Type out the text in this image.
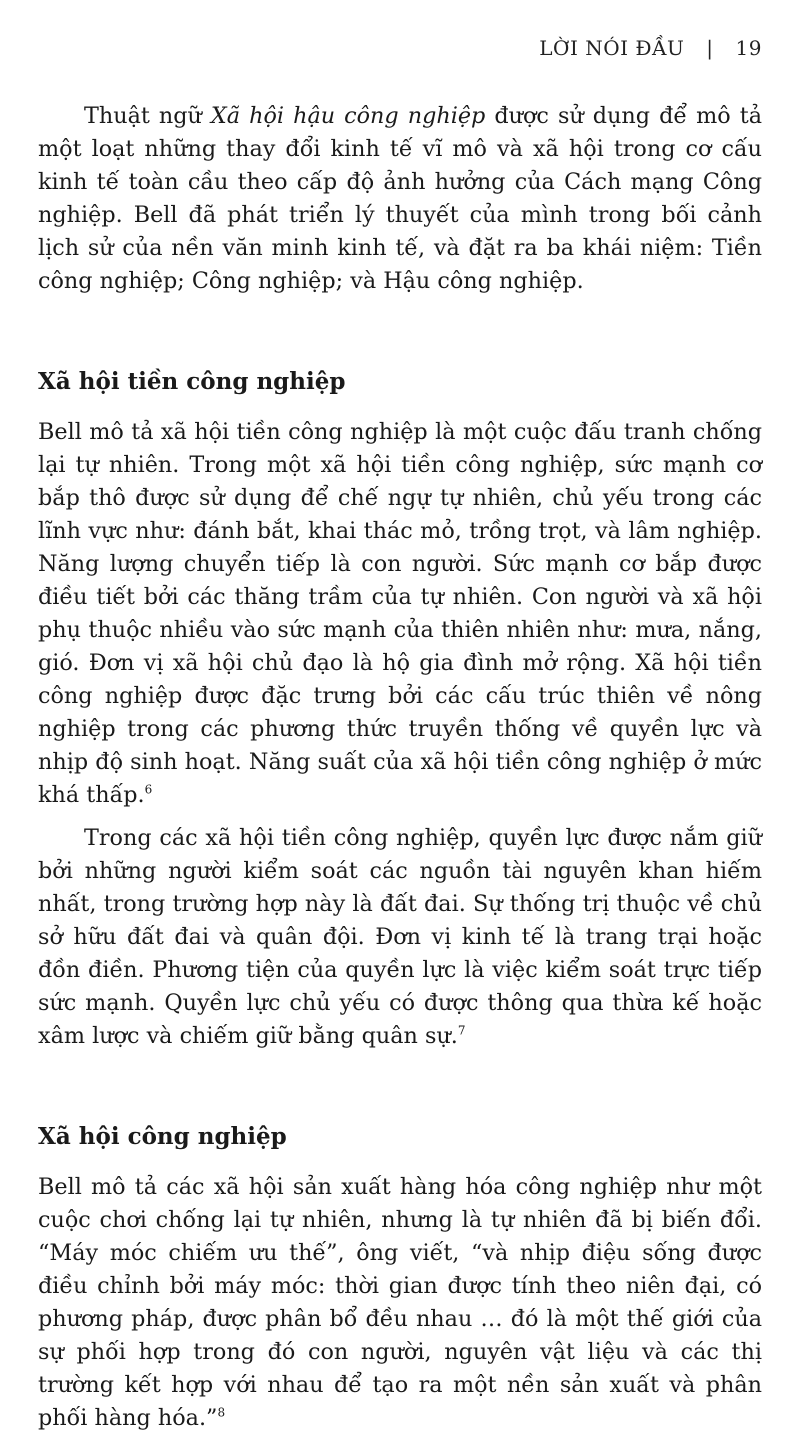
LỜI NÓI ĐẦU | 19

Thuật ngữ Xã hội hậu công nghiệp được sử dụng để mô tả một loạt những thay đổi kinh tế vĩ mô và xã hội trong cơ cấu kinh tế toàn cầu theo cấp độ ảnh hưởng của Cách mạng Công nghiệp. Bell đã phát triển lý thuyết của mình trong bối cảnh lịch sử của nền văn minh kinh tế, và đặt ra ba khái niệm: Tiền công nghiệp; Công nghiệp; và Hậu công nghiệp.

Xã hội tiền công nghiệp

Bell mô tả xã hội tiền công nghiệp là một cuộc đấu tranh chống lại tự nhiên. Trong một xã hội tiền công nghiệp, sức mạnh cơ bắp thô được sử dụng để chế ngự tự nhiên, chủ yếu trong các lĩnh vực như: đánh bắt, khai thác mỏ, trồng trọt, và lâm nghiệp. Năng lượng chuyển tiếp là con người. Sức mạnh cơ bắp được điều tiết bởi các thăng trầm của tự nhiên. Con người và xã hội phụ thuộc nhiều vào sức mạnh của thiên nhiên như: mưa, nắng, gió. Đơn vị xã hội chủ đạo là hộ gia đình mở rộng. Xã hội tiền công nghiệp được đặc trưng bởi các cấu trúc thiên về nông nghiệp trong các phương thức truyền thống về quyền lực và nhịp độ sinh hoạt. Năng suất của xã hội tiền công nghiệp ở mức khá thấp.$^6$

Trong các xã hội tiền công nghiệp, quyền lực được nắm giữ bởi những người kiểm soát các nguồn tài nguyên khan hiếm nhất, trong trường hợp này là đất đai. Sự thống trị thuộc về chủ sở hữu đất đai và quân đội. Đơn vị kinh tế là trang trại hoặc đồn điền. Phương tiện của quyền lực là việc kiểm soát trực tiếp sức mạnh. Quyền lực chủ yếu có được thông qua thừa kế hoặc xâm lược và chiếm giữ bằng quân sự.$^7$

Xã hội công nghiệp

Bell mô tả các xã hội sản xuất hàng hóa công nghiệp như một cuộc chơi chống lại tự nhiên, nhưng là tự nhiên đã bị biến đổi. “Máy móc chiếm ưu thế”, ông viết, “và nhịp điệu sống được điều chỉnh bởi máy móc: thời gian được tính theo niên đại, có phương pháp, được phân bổ đều nhau … đó là một thế giới của sự phối hợp trong đó con người, nguyên vật liệu và các thị trường kết hợp với nhau để tạo ra một nền sản xuất và phân phối hàng hóa.”$^8$
